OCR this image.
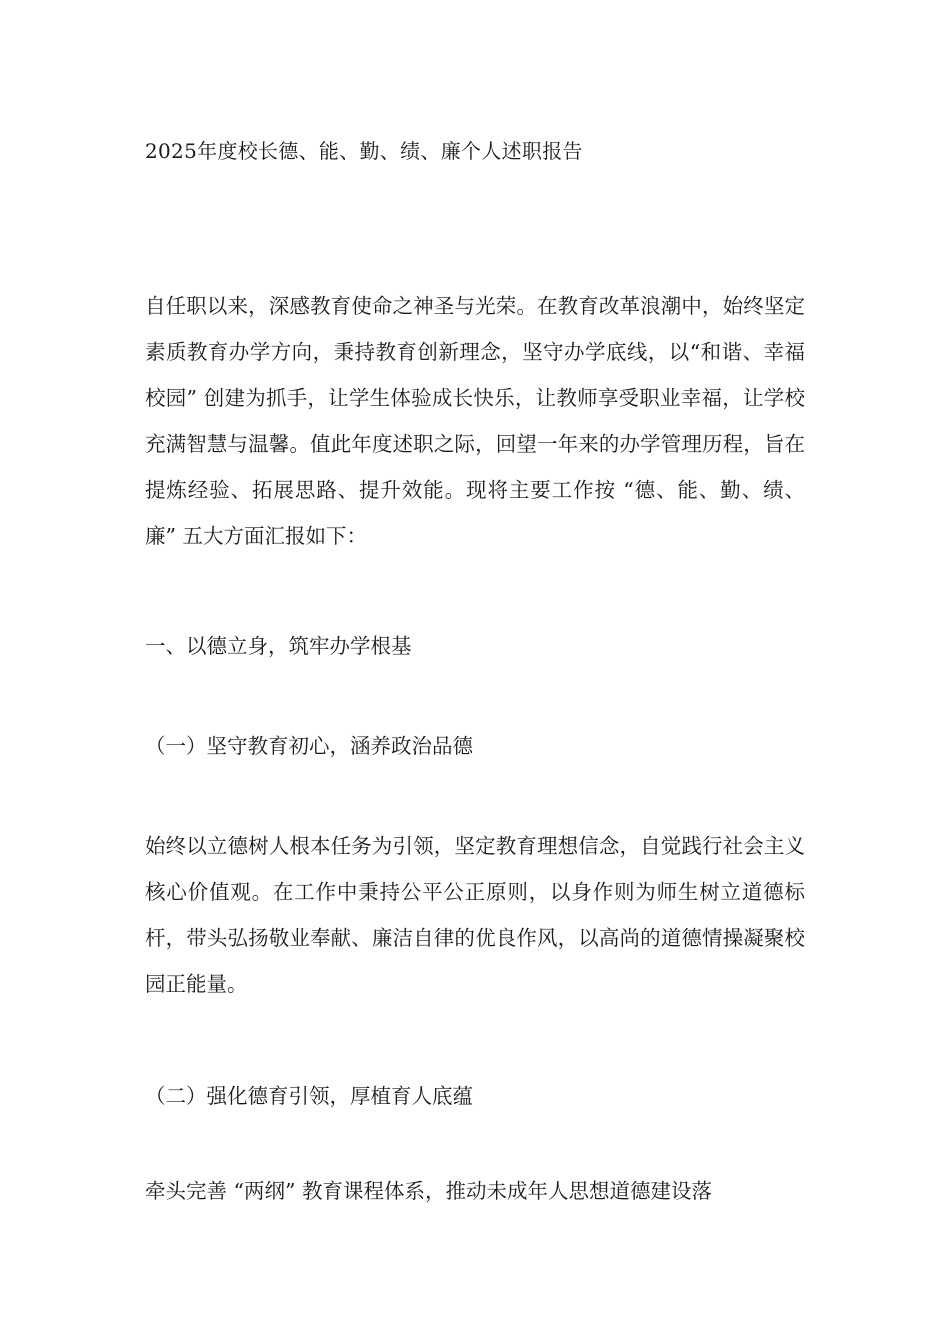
2025年度校长德、能、勤、绩、廉个人述职报告
自任职以来，深感教育使命之神圣与光荣。在教育改革浪潮中，始终坚定素质教育办学方向，秉持教育创新理念，坚守办学底线，以“和谐、幸福校园” 创建为抓手，让学生体验成长快乐，让教师享受职业幸福，让学校充满智慧与温馨。值此年度述职之际，回望一年来的办学管理历程，旨在提炼经验、拓展思路、提升效能。现将主要工作按 “德、能、勤、绩、廉” 五大方面汇报如下：
一、以德立身，筑牢办学根基
（一）坚守教育初心，涵养政治品德
始终以立德树人根本任务为引领，坚定教育理想信念，自觉践行社会主义核心价值观。在工作中秉持公平公正原则，以身作则为师生树立道德标杆，带头弘扬敬业奉献、廉洁自律的优良作风，以高尚的道德情操凝聚校园正能量。
（二）强化德育引领，厚植育人底蕴
牵头完善 “两纲” 教育课程体系，推动未成年人思想道德建设落
